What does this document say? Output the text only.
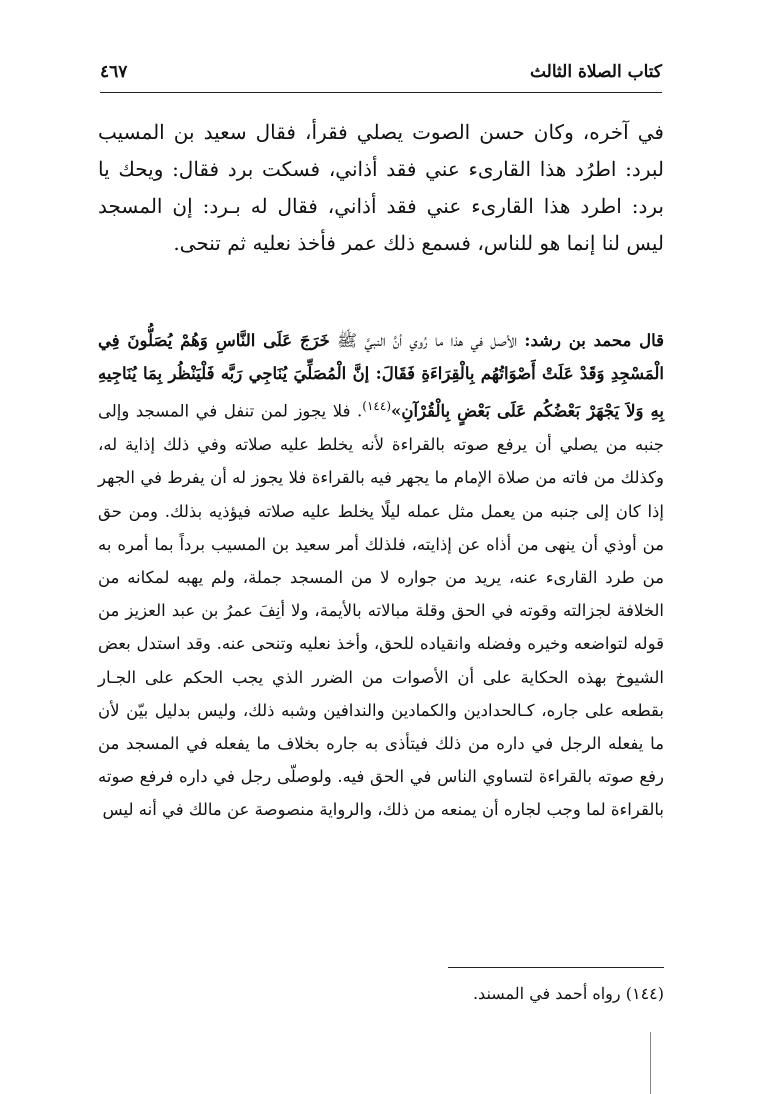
كتاب الصلاة الثالث
٤٦٧
في آخره، وكان حسن الصوت يصلي فقرأ، فقال سعيد بن المسيب لبرد: اطرُد هذا القارىء عني فقد أذاني، فسكت برد فقال: ويحك يا برد: اطرد هذا القارىء عني فقد أذاني، فقال له بـرد: إن المسجد ليس لنا إنما هو للناس، فسمع ذلك عمر فأخذ نعليه ثم تنحى.
قال محمد بن رشد: الأصل في هذا ما رُوي أنَّ النبيَّ ﷺ خَرَجَ عَلَى النَّاسِ وَهُمْ يُصَلُّونَ فِي الْمَسْجِدِ وَقَدْ عَلَتْ أَصْوَاتُهُم بِالْقِرَاءَةِ فَقَالَ: إنَّ الْمُصَلِّيَ يُنَاجِي رَبَّه فَلْيَنْظُر بِمَا يُنَاجِيهِ بِهِ وَلاَ يَجْهَرْ بَعْضُكُم عَلَى بَعْضٍ بِالْقُرْآنِ»$^{(١٤٤)}$. فلا يجوز لمن تنفل في المسجد وإلى جنبه من يصلي أن يرفع صوته بالقراءة لأنه يخلط عليه صلاته وفي ذلك إذاية له، وكذلك من فاته من صلاة الإمام ما يجهر فيه بالقراءة فلا يجوز له أن يفرط في الجهر إذا كان إلى جنبه من يعمل مثل عمله ليلًا يخلط عليه صلاته فيؤذيه بذلك. ومن حق من أوذي أن ينهى من أذاه عن إذايته، فلذلك أمر سعيد بن المسيب برداً بما أمره به من طرد القارىء عنه، يريد من جواره لا من المسجد جملة، ولم يهبه لمكانه من الخلافة لجزالته وقوته في الحق وقلة مبالاته بالأيمة، ولا أنِفَ عمرُ بن عبد العزيز من قوله لتواضعه وخيره وفضله وانقياده للحق، وأخذ نعليه وتنحى عنه. وقد استدل بعض الشيوخ بهذه الحكاية على أن الأصوات من الضرر الذي يجب الحكم على الجـار بقطعه على جاره، كـالحدادين والكمادين والندافين وشبه ذلك، وليس بدليل بيّن لأن ما يفعله الرجل في داره من ذلك فيتأذى به جاره بخلاف ما يفعله في المسجد من رفع صوته بالقراءة لتساوي الناس في الحق فيه. ولوصلّى رجل في داره فرفع صوته بالقراءة لما وجب لجاره أن يمنعه من ذلك، والرواية منصوصة عن مالك في أنه ليس
(١٤٤) رواه أحمد في المسند.
